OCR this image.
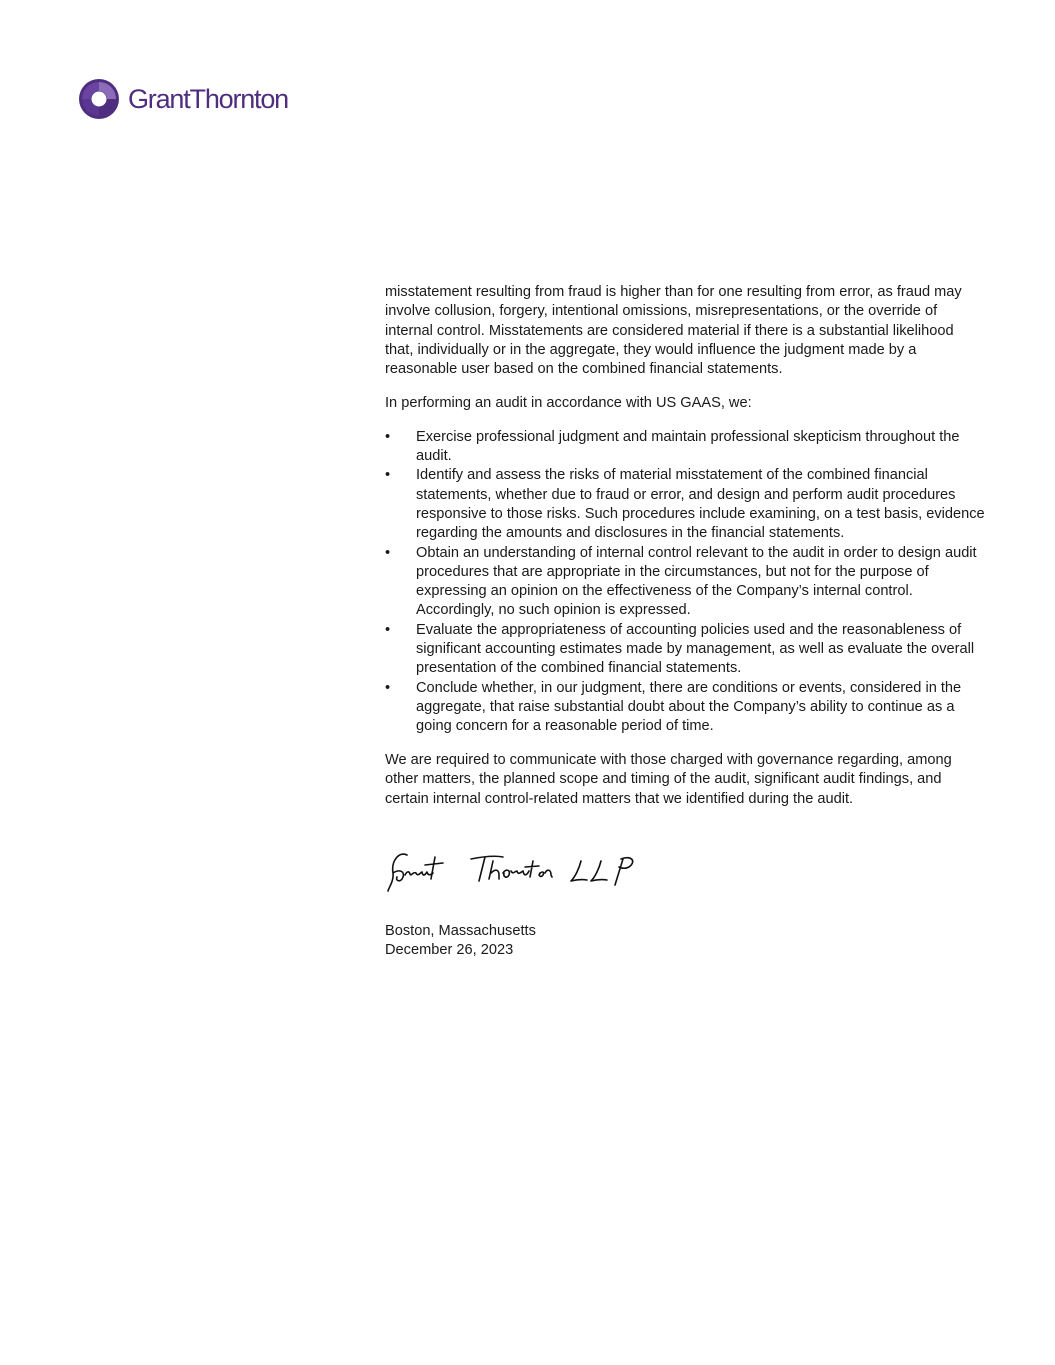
GrantThornton

misstatement resulting from fraud is higher than for one resulting from error, as fraud may involve collusion, forgery, intentional omissions, misrepresentations, or the override of internal control. Misstatements are considered material if there is a substantial likelihood that, individually or in the aggregate, they would influence the judgment made by a reasonable user based on the combined financial statements.

In performing an audit in accordance with US GAAS, we:

• Exercise professional judgment and maintain professional skepticism throughout the audit.
• Identify and assess the risks of material misstatement of the combined financial statements, whether due to fraud or error, and design and perform audit procedures responsive to those risks. Such procedures include examining, on a test basis, evidence regarding the amounts and disclosures in the financial statements.
• Obtain an understanding of internal control relevant to the audit in order to design audit procedures that are appropriate in the circumstances, but not for the purpose of expressing an opinion on the effectiveness of the Company’s internal control. Accordingly, no such opinion is expressed.
• Evaluate the appropriateness of accounting policies used and the reasonableness of significant accounting estimates made by management, as well as evaluate the overall presentation of the combined financial statements.
• Conclude whether, in our judgment, there are conditions or events, considered in the aggregate, that raise substantial doubt about the Company’s ability to continue as a going concern for a reasonable period of time.

We are required to communicate with those charged with governance regarding, among other matters, the planned scope and timing of the audit, significant audit findings, and certain internal control-related matters that we identified during the audit.

Boston, Massachusetts
December 26, 2023
